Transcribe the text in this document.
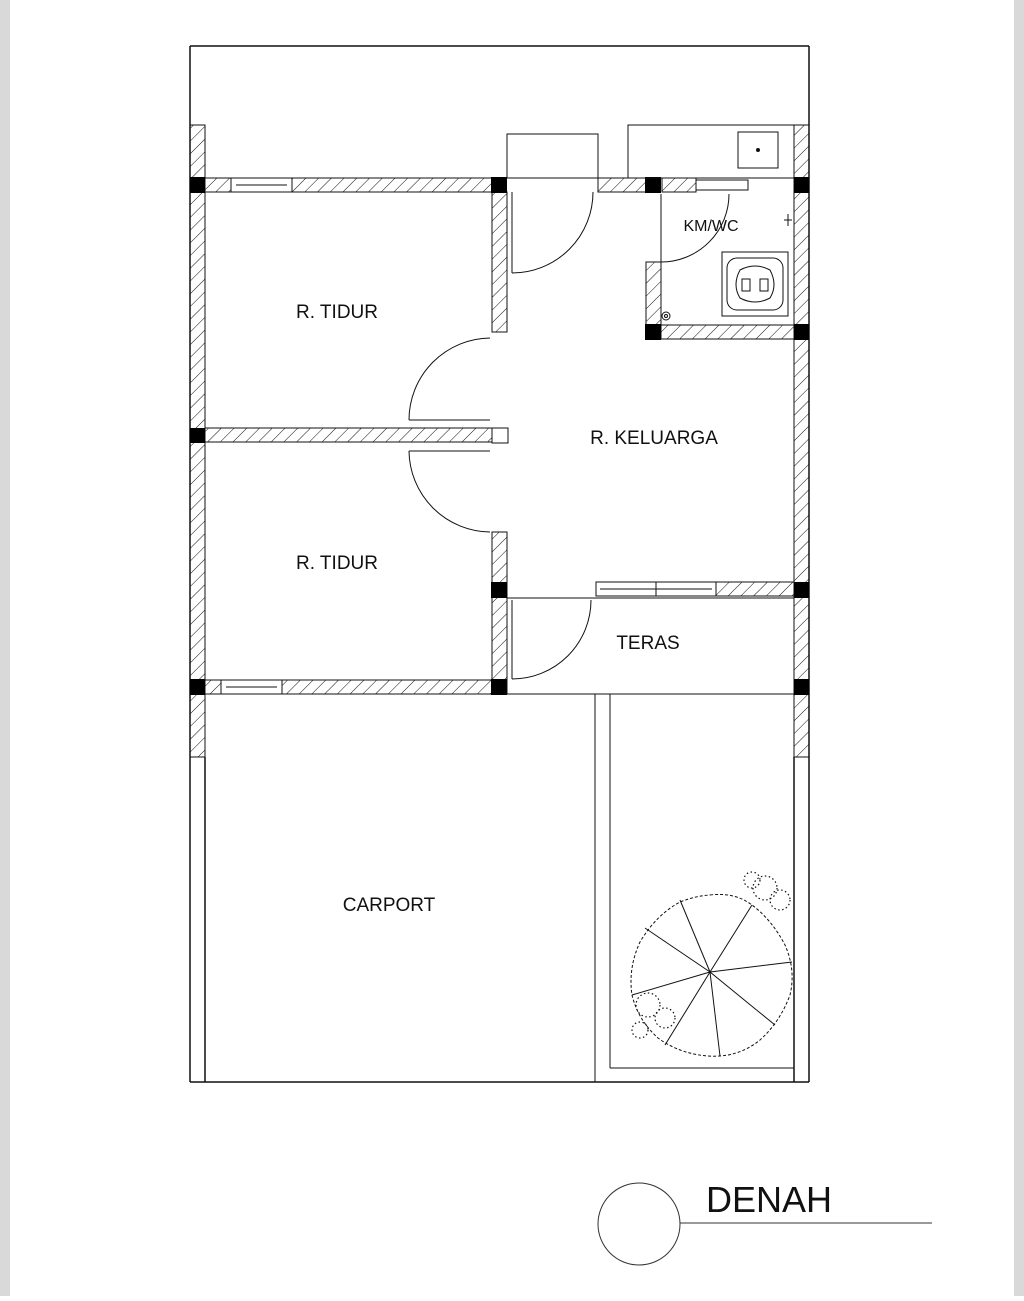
R. TIDUR
R. TIDUR
R. KELUARGA
KM/WC
TERAS
CARPORT
DENAH
